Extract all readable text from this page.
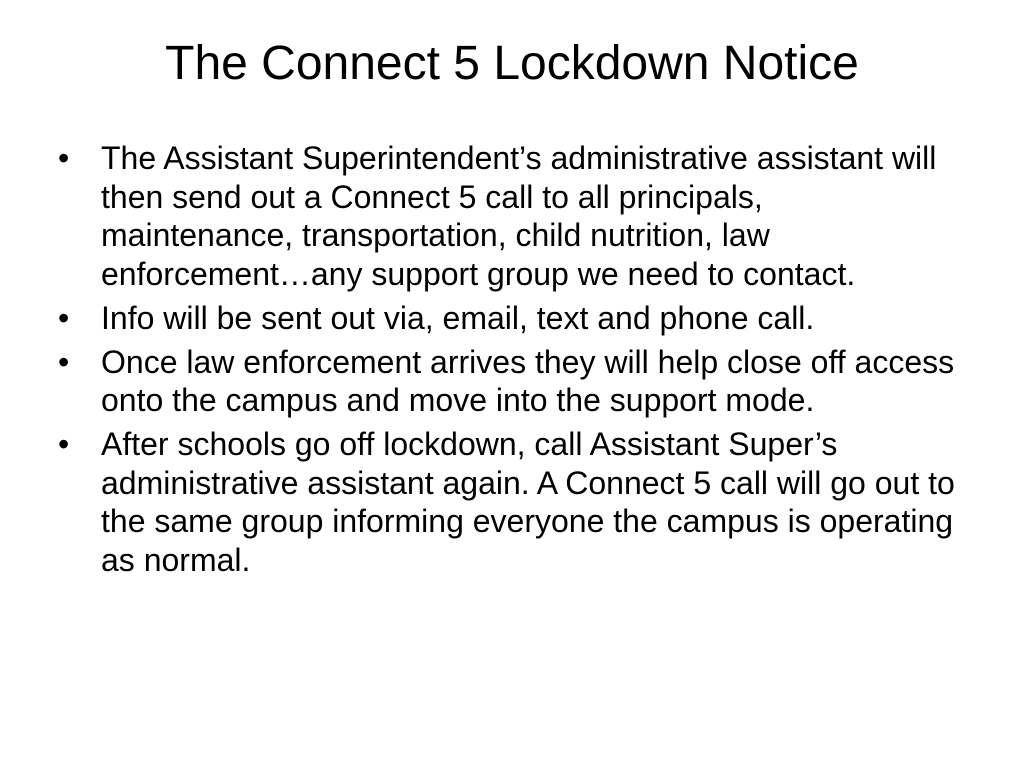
The Connect 5 Lockdown Notice
• The Assistant Superintendent’s administrative assistant will then send out a Connect 5 call to all principals, maintenance, transportation, child nutrition, law enforcement…any support group we need to contact.
• Info will be sent out via, email, text and phone call.
• Once law enforcement arrives they will help close off access onto the campus and move into the support mode.
• After schools go off lockdown, call Assistant Super’s administrative assistant again. A Connect 5 call will go out to the same group informing everyone the campus is operating as normal.
